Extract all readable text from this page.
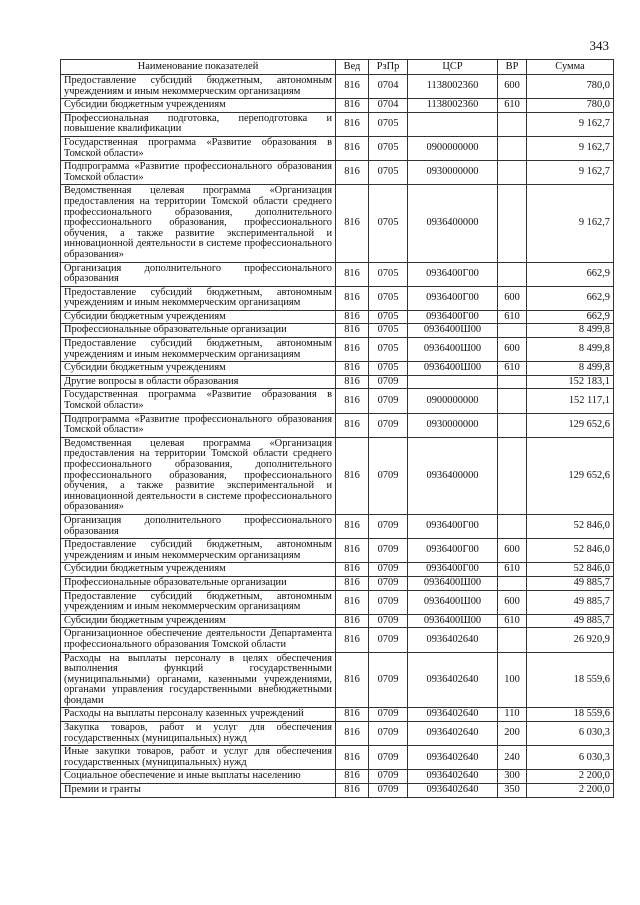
343
Наименование показателей	Вед	РзПр	ЦСР	ВР	Сумма
Предоставление субсидий бюджетным, автономным учреждениям и иным некоммерческим организациям	816	0704	1138002360	600	780,0
Субсидии бюджетным учреждениям	816	0704	1138002360	610	780,0
Профессиональная подготовка, переподготовка и повышение квалификации	816	0705			9 162,7
Государственная программа «Развитие образования в Томской области»	816	0705	0900000000		9 162,7
Подпрограмма «Развитие профессионального образования Томской области»	816	0705	0930000000		9 162,7
Ведомственная целевая программа «Организация предоставления на территории Томской области среднего профессионального образования, дополнительного профессионального образования, профессионального обучения, а также развитие экспериментальной и инновационной деятельности в системе профессионального образования»	816	0705	0936400000		9 162,7
Организация дополнительного профессионального образования	816	0705	0936400Г00		662,9
Предоставление субсидий бюджетным, автономным учреждениям и иным некоммерческим организациям	816	0705	0936400Г00	600	662,9
Субсидии бюджетным учреждениям	816	0705	0936400Г00	610	662,9
Профессиональные образовательные организации	816	0705	0936400Ш00		8 499,8
Предоставление субсидий бюджетным, автономным учреждениям и иным некоммерческим организациям	816	0705	0936400Ш00	600	8 499,8
Субсидии бюджетным учреждениям	816	0705	0936400Ш00	610	8 499,8
Другие вопросы в области образования	816	0709			152 183,1
Государственная программа «Развитие образования в Томской области»	816	0709	0900000000		152 117,1
Подпрограмма «Развитие профессионального образования Томской области»	816	0709	0930000000		129 652,6
Ведомственная целевая программа «Организация предоставления на территории Томской области среднего профессионального образования, дополнительного профессионального образования, профессионального обучения, а также развитие экспериментальной и инновационной деятельности в системе профессионального образования»	816	0709	0936400000		129 652,6
Организация дополнительного профессионального образования	816	0709	0936400Г00		52 846,0
Предоставление субсидий бюджетным, автономным учреждениям и иным некоммерческим организациям	816	0709	0936400Г00	600	52 846,0
Субсидии бюджетным учреждениям	816	0709	0936400Г00	610	52 846,0
Профессиональные образовательные организации	816	0709	0936400Ш00		49 885,7
Предоставление субсидий бюджетным, автономным учреждениям и иным некоммерческим организациям	816	0709	0936400Ш00	600	49 885,7
Субсидии бюджетным учреждениям	816	0709	0936400Ш00	610	49 885,7
Организационное обеспечение деятельности Департамента профессионального образования Томской области	816	0709	0936402640		26 920,9
Расходы на выплаты персоналу в целях обеспечения выполнения функций государственными (муниципальными) органами, казенными учреждениями, органами управления государственными внебюджетными фондами	816	0709	0936402640	100	18 559,6
Расходы на выплаты персоналу казенных учреждений	816	0709	0936402640	110	18 559,6
Закупка товаров, работ и услуг для обеспечения государственных (муниципальных) нужд	816	0709	0936402640	200	6 030,3
Иные закупки товаров, работ и услуг для обеспечения государственных (муниципальных) нужд	816	0709	0936402640	240	6 030,3
Социальное обеспечение и иные выплаты населению	816	0709	0936402640	300	2 200,0
Премии и гранты	816	0709	0936402640	350	2 200,0
